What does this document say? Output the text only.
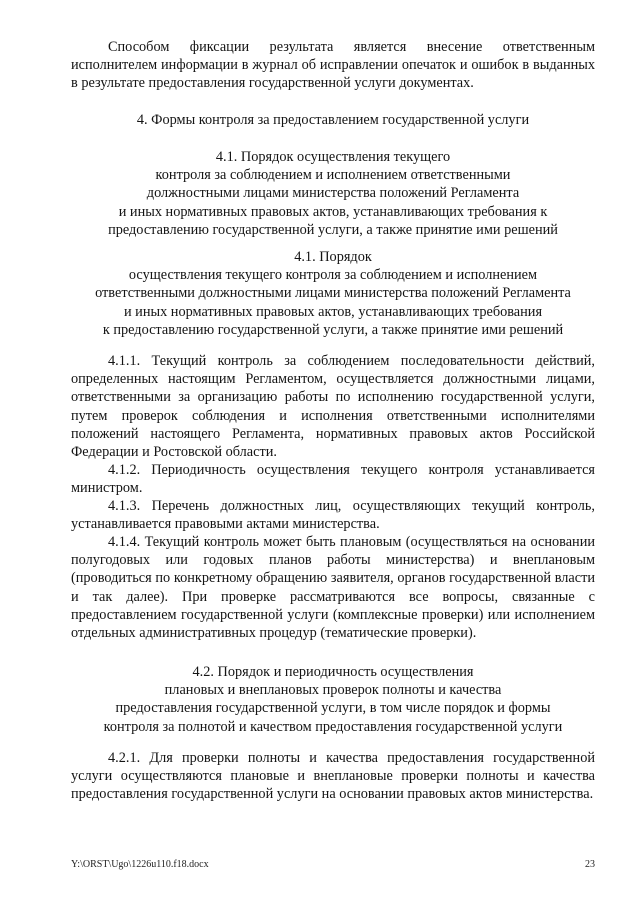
Способом фиксации результата является внесение ответственным исполнителем информации в журнал об исправлении опечаток и ошибок в выданных в результате предоставления государственной услуги документах.
4. Формы контроля за предоставлением государственной услуги
4.1. Порядок осуществления текущего
контроля за соблюдением и исполнением ответственными
должностными лицами министерства положений Регламента
и иных нормативных правовых актов, устанавливающих требования к
предоставлению государственной услуги, а также принятие ими решений
4.1. Порядок
осуществления текущего контроля за соблюдением и исполнением
ответственными должностными лицами министерства положений Регламента
и иных нормативных правовых актов, устанавливающих требования
к предоставлению государственной услуги, а также принятие ими решений
4.1.1. Текущий контроль за соблюдением последовательности действий, определенных настоящим Регламентом, осуществляется должностными лицами, ответственными за организацию работы по исполнению государственной услуги, путем проверок соблюдения и исполнения ответственными исполнителями положений настоящего Регламента, нормативных правовых актов Российской Федерации и Ростовской области.
4.1.2. Периодичность осуществления текущего контроля устанавливается министром.
4.1.3. Перечень должностных лиц, осуществляющих текущий контроль, устанавливается правовыми актами министерства.
4.1.4. Текущий контроль может быть плановым (осуществляться на основании полугодовых или годовых планов работы министерства) и внеплановым (проводиться по конкретному обращению заявителя, органов государственной власти и так далее). При проверке рассматриваются все вопросы, связанные с предоставлением государственной услуги (комплексные проверки) или исполнением отдельных административных процедур (тематические проверки).
4.2. Порядок и периодичность осуществления
плановых и внеплановых проверок полноты и качества
предоставления государственной услуги, в том числе порядок и формы
контроля за полнотой и качеством предоставления государственной услуги
4.2.1. Для проверки полноты и качества предоставления государственной услуги осуществляются плановые и внеплановые проверки полноты и качества предоставления государственной услуги на основании правовых актов министерства.
Y:\ORST\Ugo\1226u110.f18.docx	23
